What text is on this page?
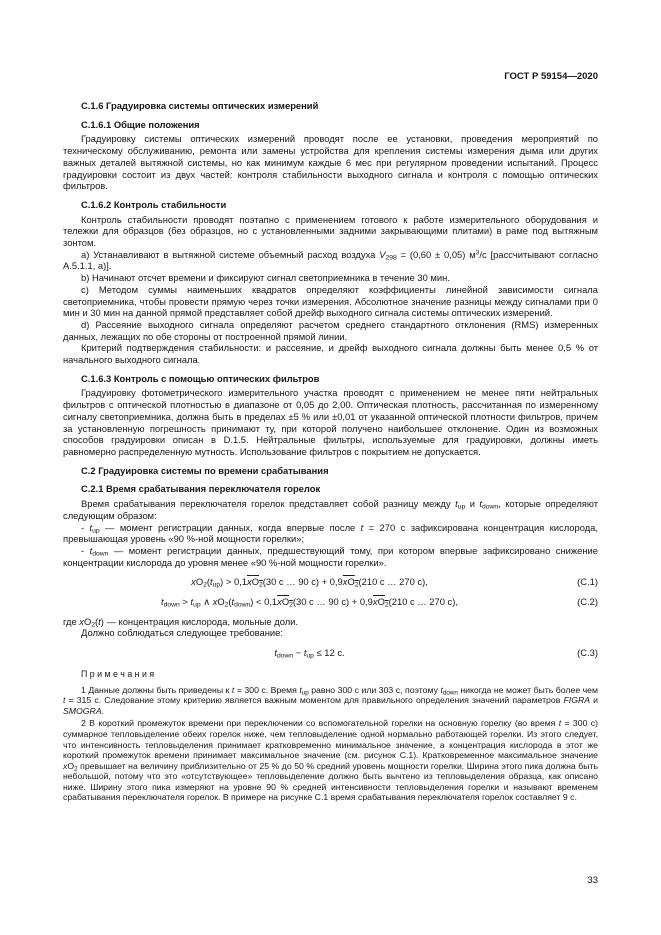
ГОСТ Р 59154—2020
С.1.6 Градуировка системы оптических измерений
С.1.6.1 Общие положения
Градуировку системы оптических измерений проводят после ее установки, проведения мероприятий по техническому обслуживанию, ремонта или замены устройства для крепления системы измерения дыма или других важных деталей вытяжной системы, но как минимум каждые 6 мес при регулярном проведении испытаний. Процесс градуировки состоит из двух частей: контроля стабильности выходного сигнала и контроля с помощью оптических фильтров.
С.1.6.2 Контроль стабильности
Контроль стабильности проводят поэтапно с применением готового к работе измерительного оборудования и тележки для образцов (без образцов, но с установленными задними закрывающими плитами) в раме под вытяжным зонтом.
a) Устанавливают в вытяжной системе объемный расход воздуха V298 = (0,60 ± 0,05) $м^3/с$ [рассчитывают согласно А.5.1.1, а)].
b) Начинают отсчет времени и фиксируют сигнал светоприемника в течение 30 мин.
c) Методом суммы наименьших квадратов определяют коэффициенты линейной зависимости сигнала светоприемника, чтобы провести прямую через точки измерения. Абсолютное значение разницы между сигналами при 0 мин и 30 мин на данной прямой представляет собой дрейф выходного сигнала системы оптических измерений.
d) Рассеяние выходного сигнала определяют расчетом среднего стандартного отклонения (RMS) измеренных данных, лежащих по обе стороны от построенной прямой линии.
Критерий подтверждения стабильности: и рассеяние, и дрейф выходного сигнала должны быть менее 0,5 % от начального выходного сигнала.
С.1.6.3 Контроль с помощью оптических фильтров
Градуировку фотометрического измерительного участка проводят с применением не менее пяти нейтральных фильтров с оптической плотностью в диапазоне от 0,05 до 2,00. Оптическая плотность, рассчитанная по измеренному сигналу светоприемника, должна быть в пределах ±5 % или ±0,01 от указанной оптической плотности фильтров, причем за установленную погрешность принимают ту, при которой получено наибольшее отклонение. Один из возможных способов градуировки описан в D.1.5. Нейтральные фильтры, используемые для градуировки, должны иметь равномерно распределенную мутность. Использование фильтров с покрытием не допускается.
С.2 Градуировка системы по времени срабатывания
С.2.1 Время срабатывания переключателя горелок
Время срабатывания переключателя горелок представляет собой разницу между tup и tdown, которые определяют следующим образом:
- tup — момент регистрации данных, когда впервые после t = 270 с зафиксирована концентрация кислорода, превышающая уровень «90 %-ной мощности горелки»;
- tdown — момент регистрации данных, предшествующий тому, при котором впервые зафиксировано снижение концентрации кислорода до уровня менее «90 %-ной мощности горелки».
xO2(tup) > 0,1xO2(30 с … 90 с) + 0,9xO2(210 с … 270 с),	(С.1)
tdown > tup ∧ xO2(tdown) < 0,1xO2(30 с … 90 с) + 0,9xO2(210 с … 270 с),	(С.2)
где xO2(t) — концентрация кислорода, мольные доли.
Должно соблюдаться следующее требование:
tdown − tup ≤ 12 с.	(С.3)
П р и м е ч а н и я
1 Данные должны быть приведены к t = 300 с. Время tup равно 300 с или 303 с, поэтому tdown никогда не может быть более чем t = 315 с. Следование этому критерию является важным моментом для правильного определения значений параметров FIGRA и SMOGRA.
2 В короткий промежуток времени при переключении со вспомогательной горелки на основную горелку (во время t = 300 с) суммарное тепловыделение обеих горелок ниже, чем тепловыделение одной нормально работающей горелки. Из этого следует, что интенсивность тепловыделения принимает кратковременно минимальное значение, а концентрация кислорода в этот же короткий промежуток времени принимает максимальное значение (см. рисунок С.1). Кратковременное максимальное значение xO2 превышает на величину приблизительно от 25 % до 50 % средний уровень мощности горелки. Ширина этого пика должна быть небольшой, потому что это «отсутствующее» тепловыделение должно быть вычтено из тепловыделения образца, как описано ниже. Ширину этого пика измеряют на уровне 90 % средней интенсивности тепловыделения горелки и называют временем срабатывания переключателя горелок. В примере на рисунке С.1 время срабатывания переключателя горелок составляет 9 с.
33
